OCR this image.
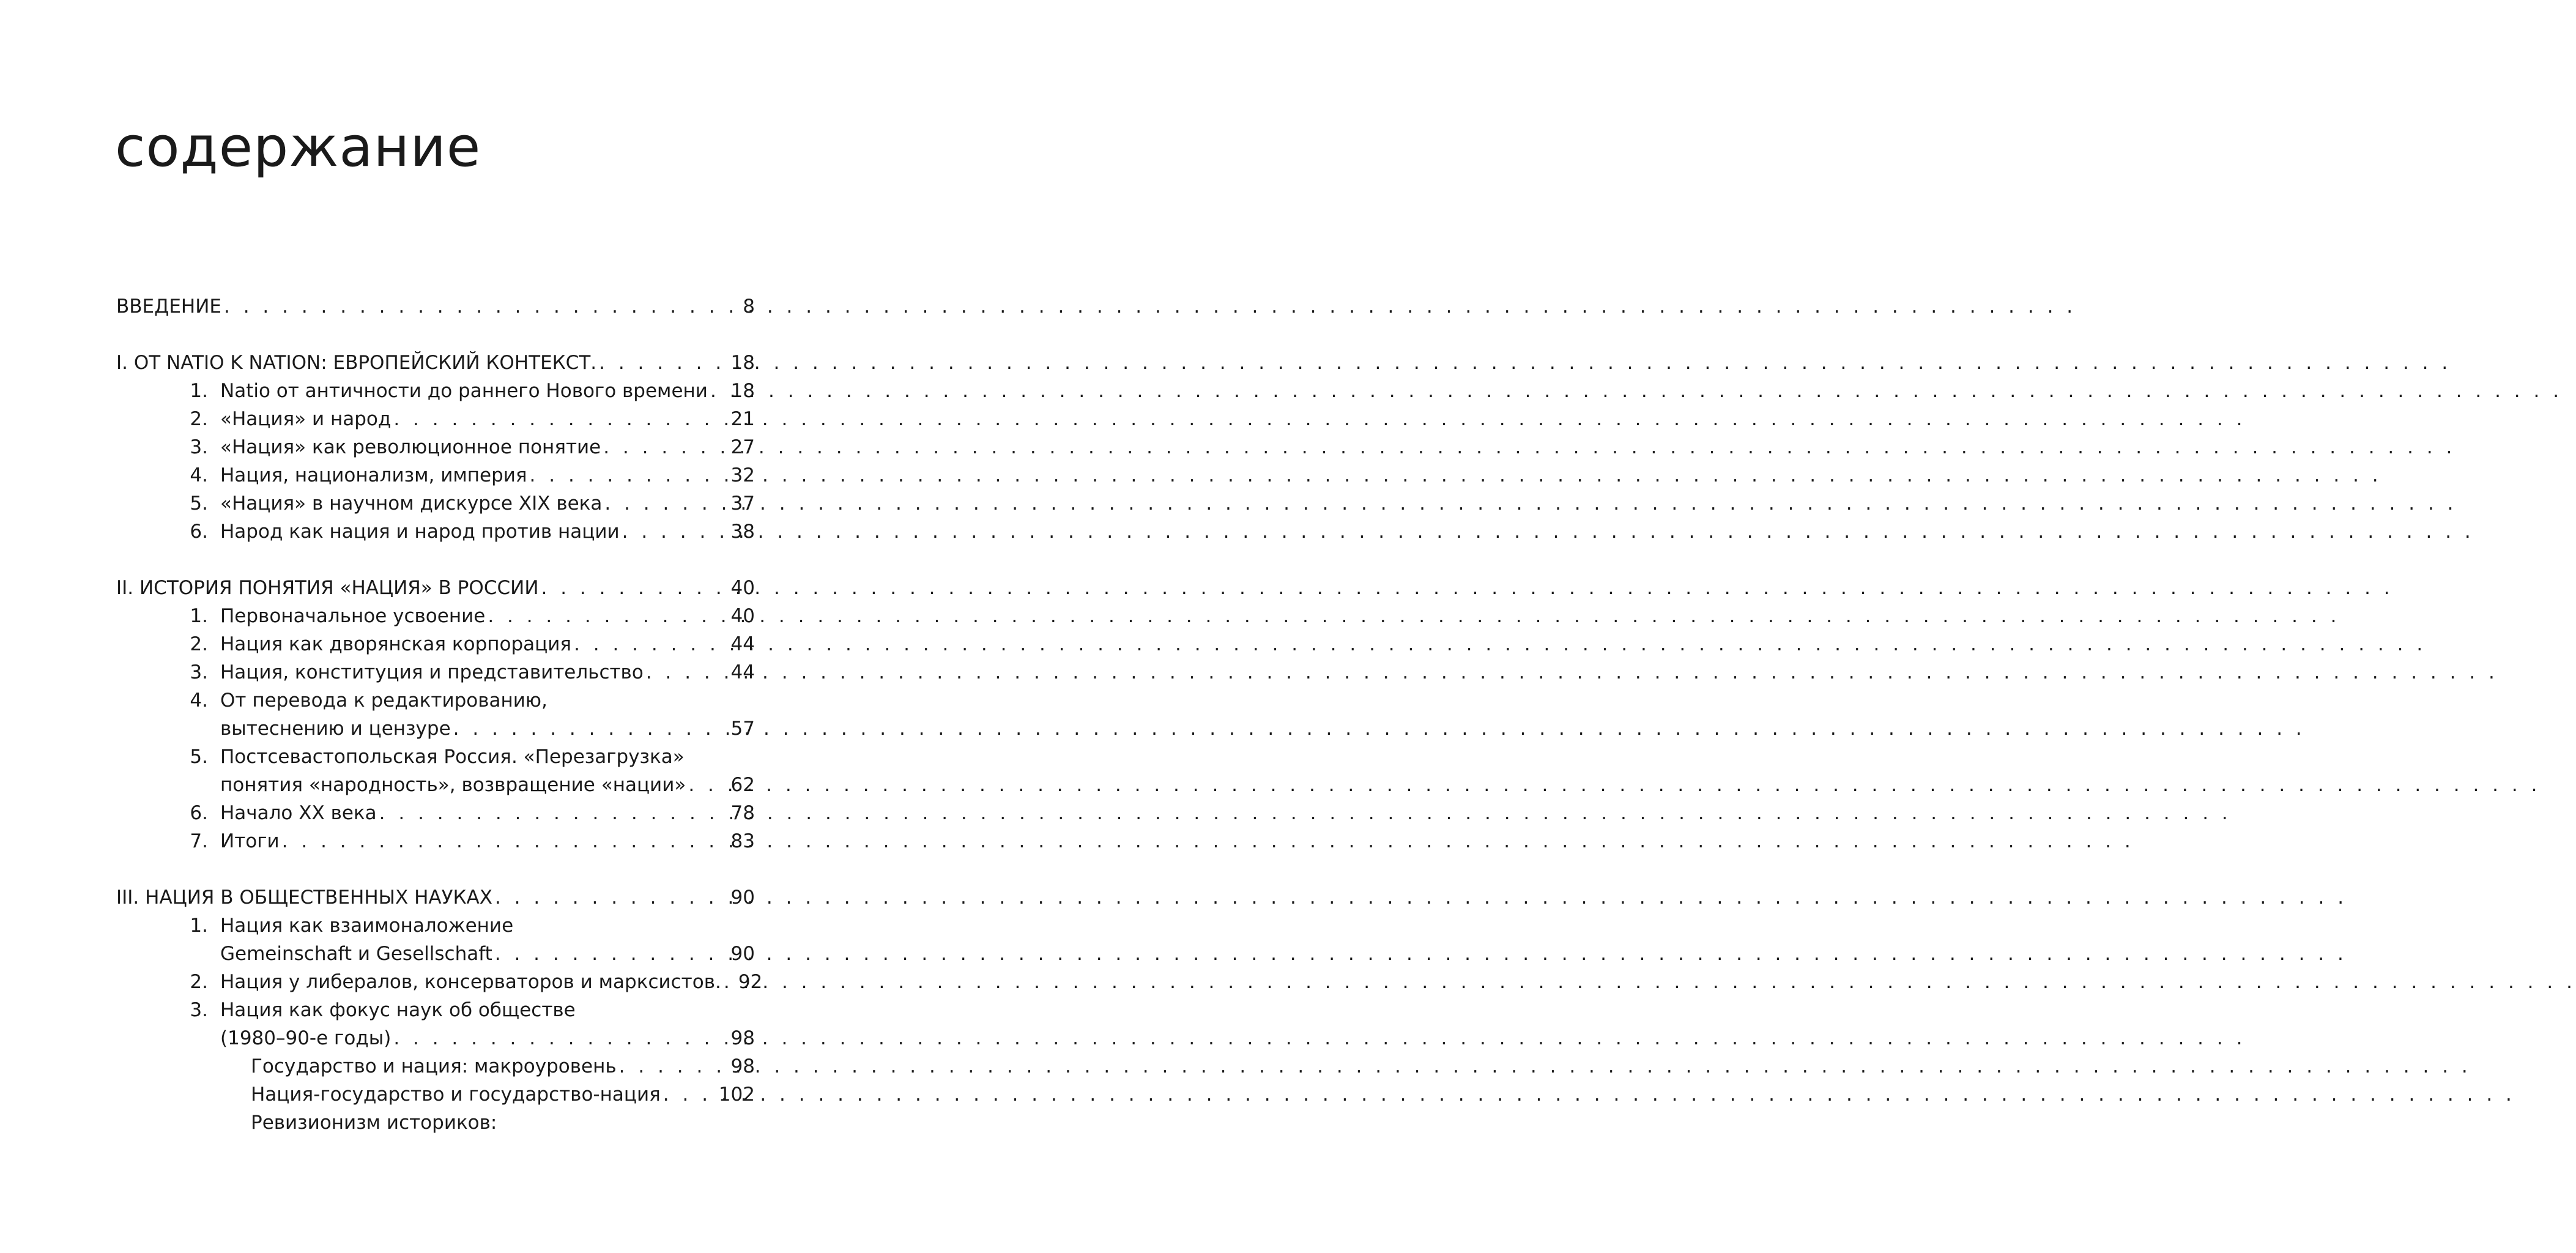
содержание
ВВЕДЕНИЕ . . .	8
I. OT NATIO K NATION: ЕВРОПЕЙСКИЙ КОНТЕКСТ. . . .	18
1. Natio от античности до раннего Нового времени . . . 18
2. «Нация» и народ . . .	21
3. «Нация» как революционное понятие . . .	27
4. Нация, национализм, империя . . .	32
5. «Нация» в научном дискурсе XIX века . . .	37
6. Народ как нация и народ против нации . . .	38
II. ИСТОРИЯ ПОНЯТИЯ «НАЦИЯ» В РОССИИ . . .	40
1. Первоначальное усвоение . . .	40
2. Нация как дворянская корпорация . . .	44
3. Нация, конституция и представительство . . .	44
4. От перевода к редактированию,
вытеснению и цензуре . . .	57
5. Постсевастопольская Россия. «Перезагрузка»
понятия «народность», возвращение «нации» . . . 62
6. Начало XX века . . .	78
7. Итоги . . .	83
III. НАЦИЯ В ОБЩЕСТВЕННЫХ НАУКАХ . . .	90
1. Нация как взаимоналожение
Gemeinschaft и Gesellschaft . . .	90
2. Нация у либералов, консерваторов и марксистов. . . . 92
3. Нация как фокус наук об обществе
(1980–90-е годы) . . .	98
Государство и нация: макроуровень . . .	98
Нация-государство и государство-нация . . .	102
Ревизионизм историков:
